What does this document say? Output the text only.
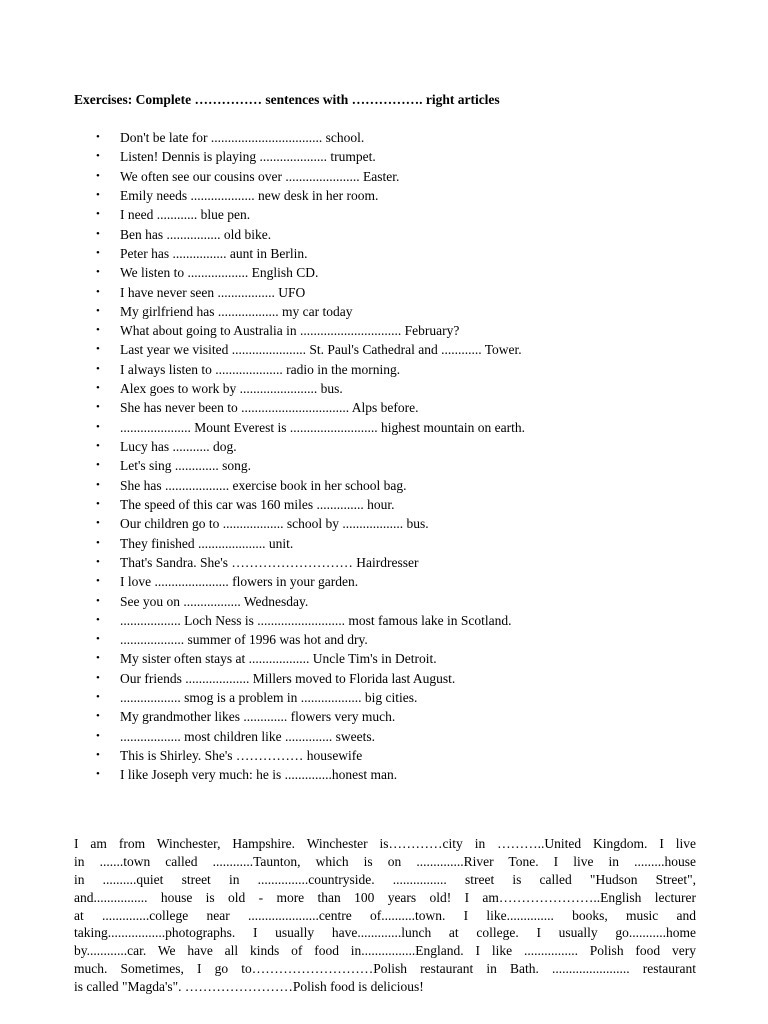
Exercises: Complete …………… sentences with ……………. right articles
• Don't be late for ................................. school.
• Listen! Dennis is playing .................... trumpet.
• We often see our cousins over ...................... Easter.
• Emily needs ................... new desk in her room.
• I need ............ blue pen.
• Ben has ................ old bike.
• Peter has ................ aunt in Berlin.
• We listen to .................. English CD.
• I have never seen ................. UFO
• My girlfriend has .................. my car today
• What about going to Australia in .............................. February?
• Last year we visited ...................... St. Paul's Cathedral and ............ Tower.
• I always listen to .................... radio in the morning.
• Alex goes to work by ....................... bus.
• She has never been to ................................ Alps before.
• ..................... Mount Everest is .......................... highest mountain on earth.
• Lucy has ........... dog.
• Let's sing ............. song.
• She has ................... exercise book in her school bag.
• The speed of this car was 160 miles .............. hour.
• Our children go to .................. school by .................. bus.
• They finished .................... unit.
• That's Sandra. She's ……………………… Hairdresser
• I love ...................... flowers in your garden.
• See you on ................. Wednesday.
• .................. Loch Ness is .......................... most famous lake in Scotland.
• ................... summer of 1996 was hot and dry.
• My sister often stays at .................. Uncle Tim's in Detroit.
• Our friends ................... Millers moved to Florida last August.
• .................. smog is a problem in .................. big cities.
• My grandmother likes ............. flowers very much.
• .................. most children like .............. sweets.
• This is Shirley. She's …………… housewife
• I like Joseph very much: he is ..............honest man.
I am from Winchester, Hampshire. Winchester is…………city in ………..United Kingdom. I live
in .......town called ............Taunton, which is on ..............River Tone. I live in .........house
in ..........quiet street in ...............countryside. ................ street is called "Hudson Street",
and................ house is old - more than 100 years old! I am…………………..English lecturer
at ..............college near .....................centre of..........town. I like.............. books, music and
taking.................photographs. I usually have.............lunch at college. I usually go...........home
by............car. We have all kinds of food in................England. I like ................ Polish food very
much. Sometimes, I go to………………………Polish restaurant in Bath. ....................... restaurant
is called "Magda's". ……………………Polish food is delicious!
